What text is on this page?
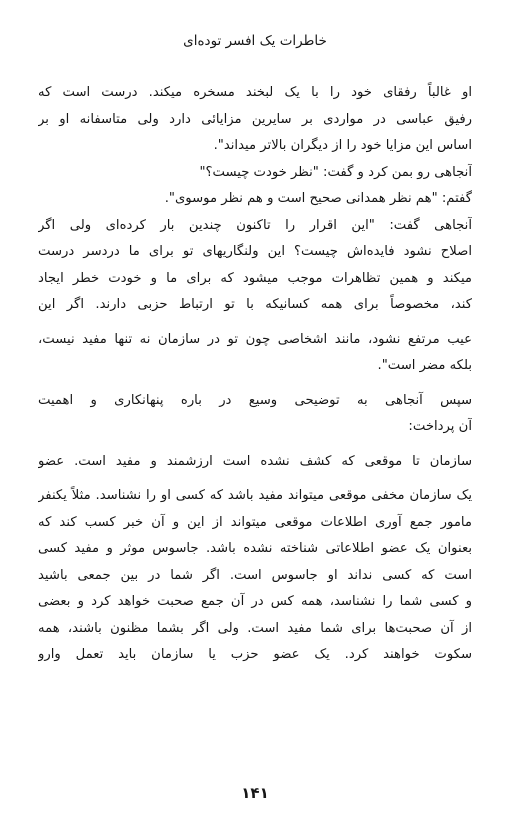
خاطرات یک افسر توده‌ای
او غالباً رفقای خود را با یک لبخند مسخره میکند. درست است که
رفیق عباسی در مواردی بر سایرین مزایائی دارد ولی متاسفانه او بر
اساس این مزایا خود را از دیگران بالاتر میداند".
آنجاهی رو بمن کرد و گفت: "نظر خودت چیست؟"
گفتم: "هم نظر همدانی صحیح است و هم نظر موسوی".
آنجاهی گفت: "این اقرار را تاکنون چندین بار کرده‌ای ولی اگر
اصلاح نشود فایده‌اش چیست؟ این ولنگاریهای تو برای ما دردسر درست
میکند و همین تظاهرات موجب میشود که برای ما و خودت خطر ایجاد
کند، مخصوصاً برای همه کسانیکه با تو ارتباط حزبی دارند. اگر این
عیب مرتفع نشود، مانند اشخاصی چون تو در سازمان نه تنها مفید نیست،
بلکه مضر است".
سپس آنجاهی به توضیحی وسیع در باره پنهانکاری و اهمیت
آن پرداخت:
سازمان تا موقعی که کشف نشده است ارزشمند و مفید است. عضو
یک سازمان مخفی موقعی میتواند مفید باشد که کسی او را نشناسد. مثلاً یکنفر
مامور جمع آوری اطلاعات موقعی میتواند از این و آن خبر کسب کند که
بعنوان یک عضو اطلاعاتی شناخته نشده باشد. جاسوس موثر و مفید کسی
است که کسی نداند او جاسوس است. اگر شما در بین جمعی باشید
و کسی شما را نشناسد، همه کس در آن جمع صحبت خواهد کرد و بعضی
از آن صحبت‌ها برای شما مفید است. ولی اگر بشما مظنون باشند، همه
سکوت خواهند کرد. یک عضو حزب یا سازمان باید تعمل وارو
۱۴۱
